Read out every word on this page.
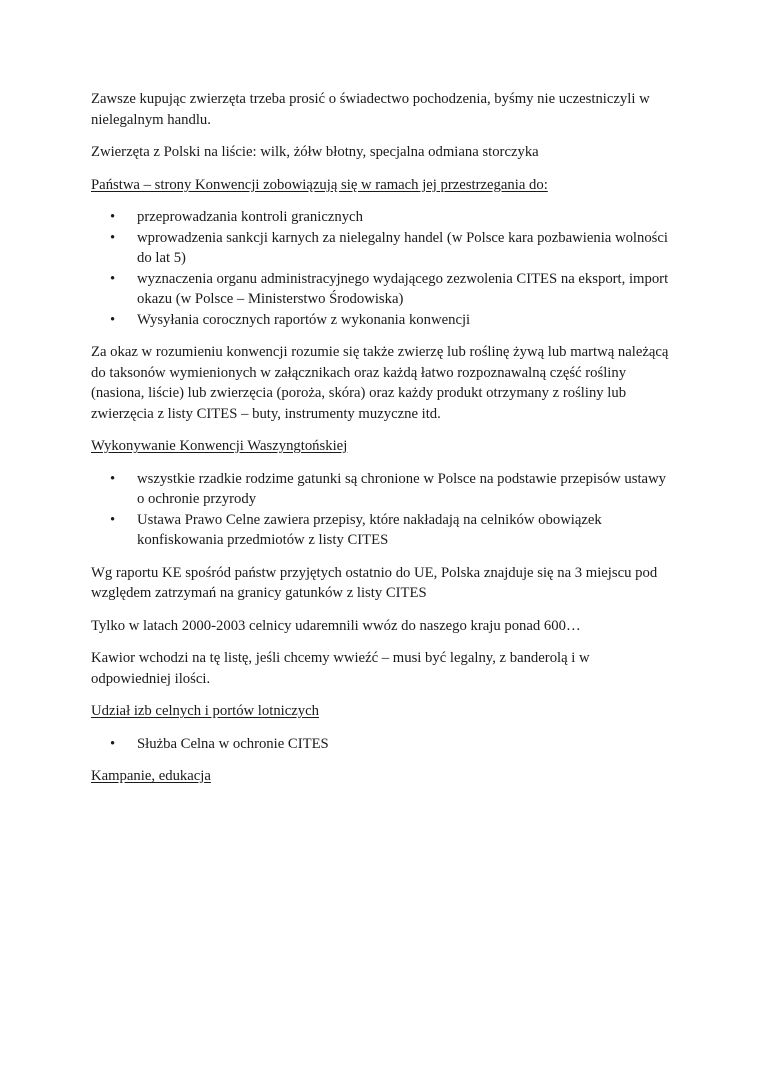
Zawsze kupując zwierzęta trzeba prosić o świadectwo pochodzenia, byśmy nie uczestniczyli w nielegalnym handlu.

Zwierzęta z Polski na liście: wilk, żółw błotny, specjalna odmiana storczyka

Państwa – strony Konwencji zobowiązują się w ramach jej przestrzegania do:

• przeprowadzania kontroli granicznych
• wprowadzenia sankcji karnych za nielegalny handel (w Polsce kara pozbawienia wolności do lat 5)
• wyznaczenia organu administracyjnego wydającego zezwolenia CITES na eksport, import okazu (w Polsce – Ministerstwo Środowiska)
• Wysyłania corocznych raportów z wykonania konwencji

Za okaz w rozumieniu konwencji rozumie się także zwierzę lub roślinę żywą lub martwą należącą do taksonów wymienionych w załącznikach oraz każdą łatwo rozpoznawalną część rośliny (nasiona, liście) lub zwierzęcia (poroża, skóra) oraz każdy produkt otrzymany z rośliny lub zwierzęcia z listy CITES – buty, instrumenty muzyczne itd.

Wykonywanie Konwencji Waszyngtońskiej

• wszystkie rzadkie rodzime gatunki są chronione w Polsce na podstawie przepisów ustawy o ochronie przyrody
• Ustawa Prawo Celne zawiera przepisy, które nakładają na celników obowiązek konfiskowania przedmiotów z listy CITES

Wg raportu KE spośród państw przyjętych ostatnio do UE, Polska znajduje się na 3 miejscu pod względem zatrzymań na granicy gatunków z listy CITES

Tylko w latach 2000-2003 celnicy udaremnili wwóz do naszego kraju ponad 600…

Kawior wchodzi na tę listę, jeśli chcemy wwieźć – musi być legalny, z banderolą i w odpowiedniej ilości.

Udział izb celnych i portów lotniczych

• Służba Celna w ochronie CITES

Kampanie, edukacja
